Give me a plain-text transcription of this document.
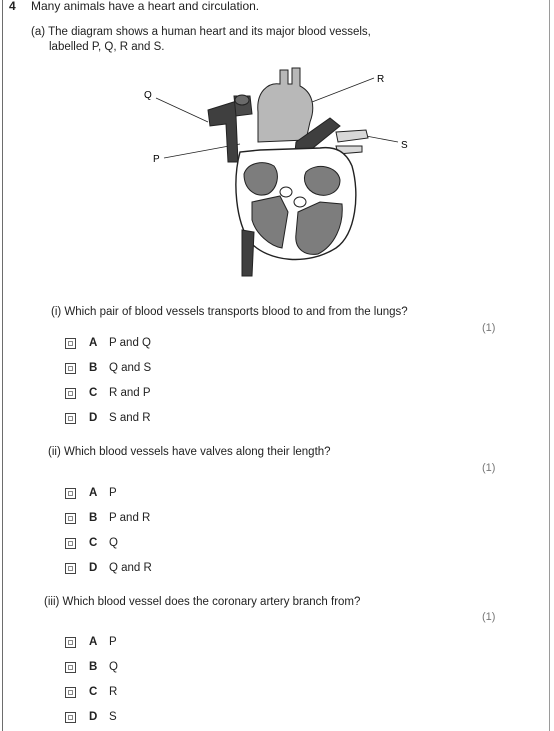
4 Many animals have a heart and circulation.
(a) The diagram shows a human heart and its major blood vessels,
labelled P, Q, R and S.
Q
P
R
S
(i) Which pair of blood vessels transports blood to and from the lungs?
(1)
A	P and Q
B	Q and S
C	R and P
D	S and R
(ii) Which blood vessels have valves along their length?
(1)
A	P
B	P and R
C	Q
D	Q and R
(iii) Which blood vessel does the coronary artery branch from?
(1)
A	P
B	Q
C	R
D	S
